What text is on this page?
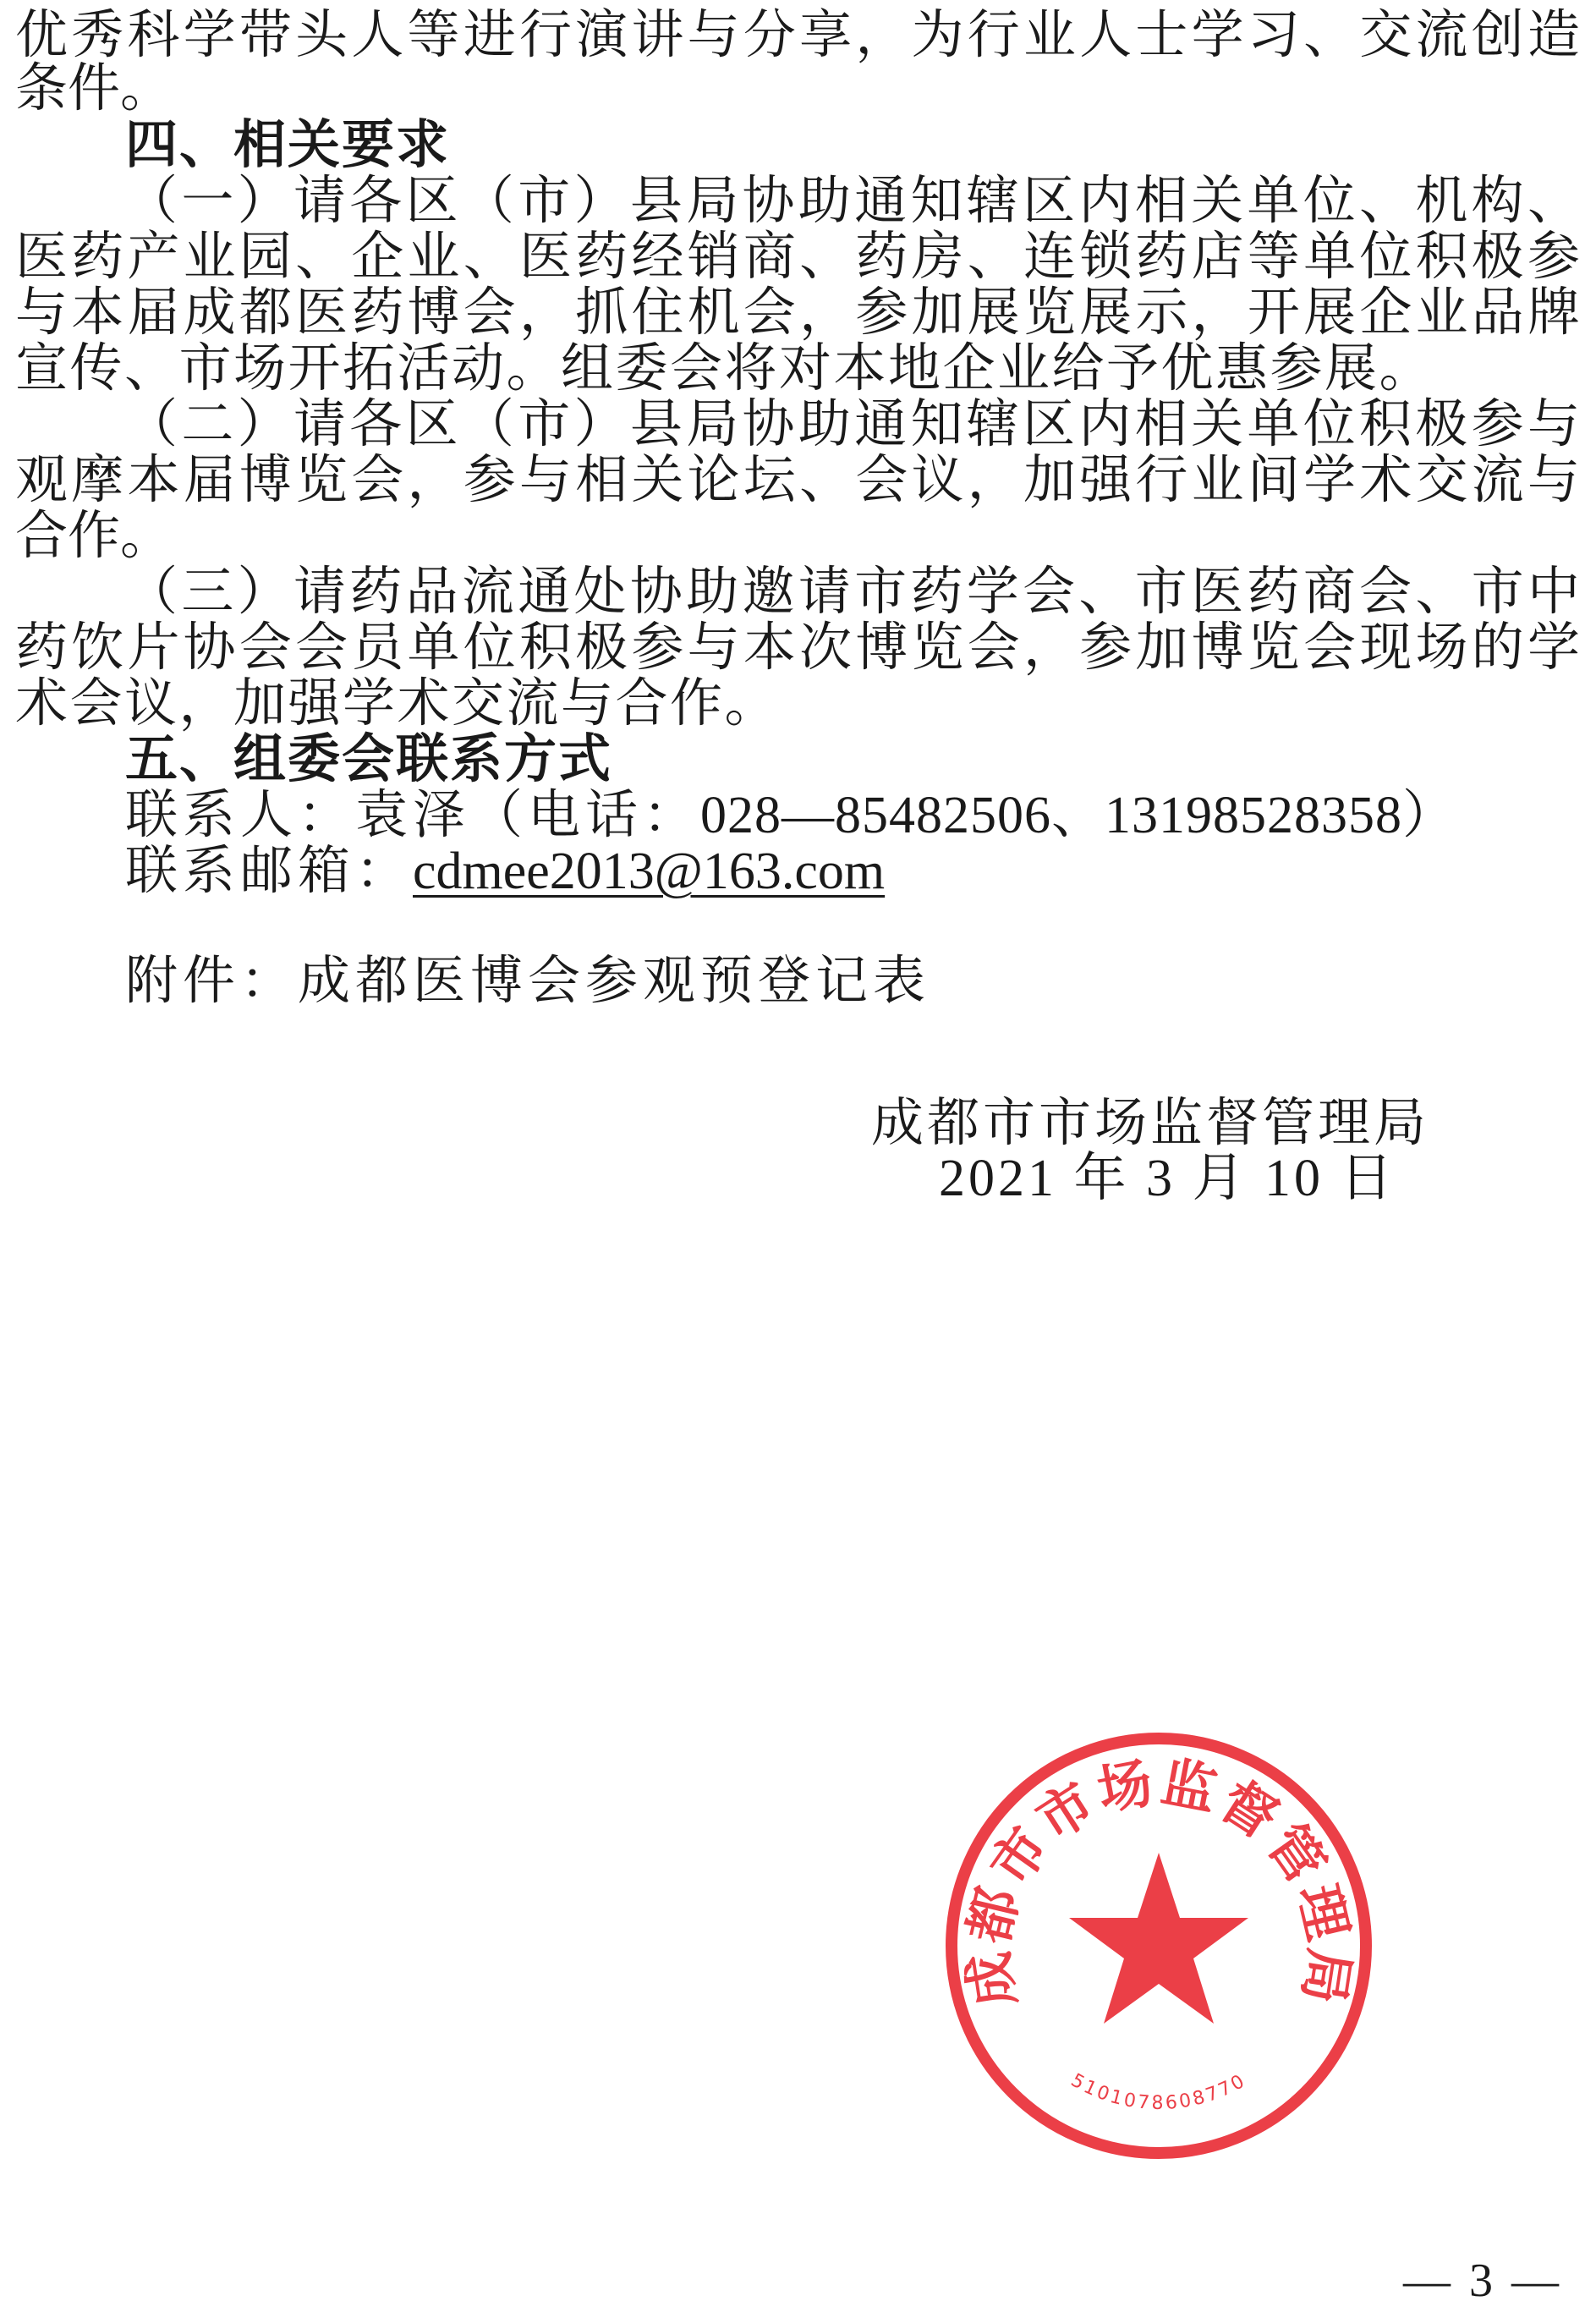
优秀科学带头人等进行演讲与分享，为行业人士学习、交流创造
条件。
四、相关要求
（一）请各区（市）县局协助通知辖区内相关单位、机构、
医药产业园、企业、医药经销商、药房、连锁药店等单位积极参
与本届成都医药博会，抓住机会，参加展览展示，开展企业品牌
宣传、市场开拓活动。组委会将对本地企业给予优惠参展。
（二）请各区（市）县局协助通知辖区内相关单位积极参与
观摩本届博览会，参与相关论坛、会议，加强行业间学术交流与
合作。
（三）请药品流通处协助邀请市药学会、市医药商会、市中
药饮片协会会员单位积极参与本次博览会，参加博览会现场的学
术会议，加强学术交流与合作。
五、组委会联系方式
联系人：袁泽（电话：028—85482506、13198528358）
联系邮箱：cdmee2013@163.com
附件：成都医博会参观预登记表
成都市市场监督管理局
2021 年 3 月 10 日
成都市市场监督管理局
5101078608770
— 3 —
